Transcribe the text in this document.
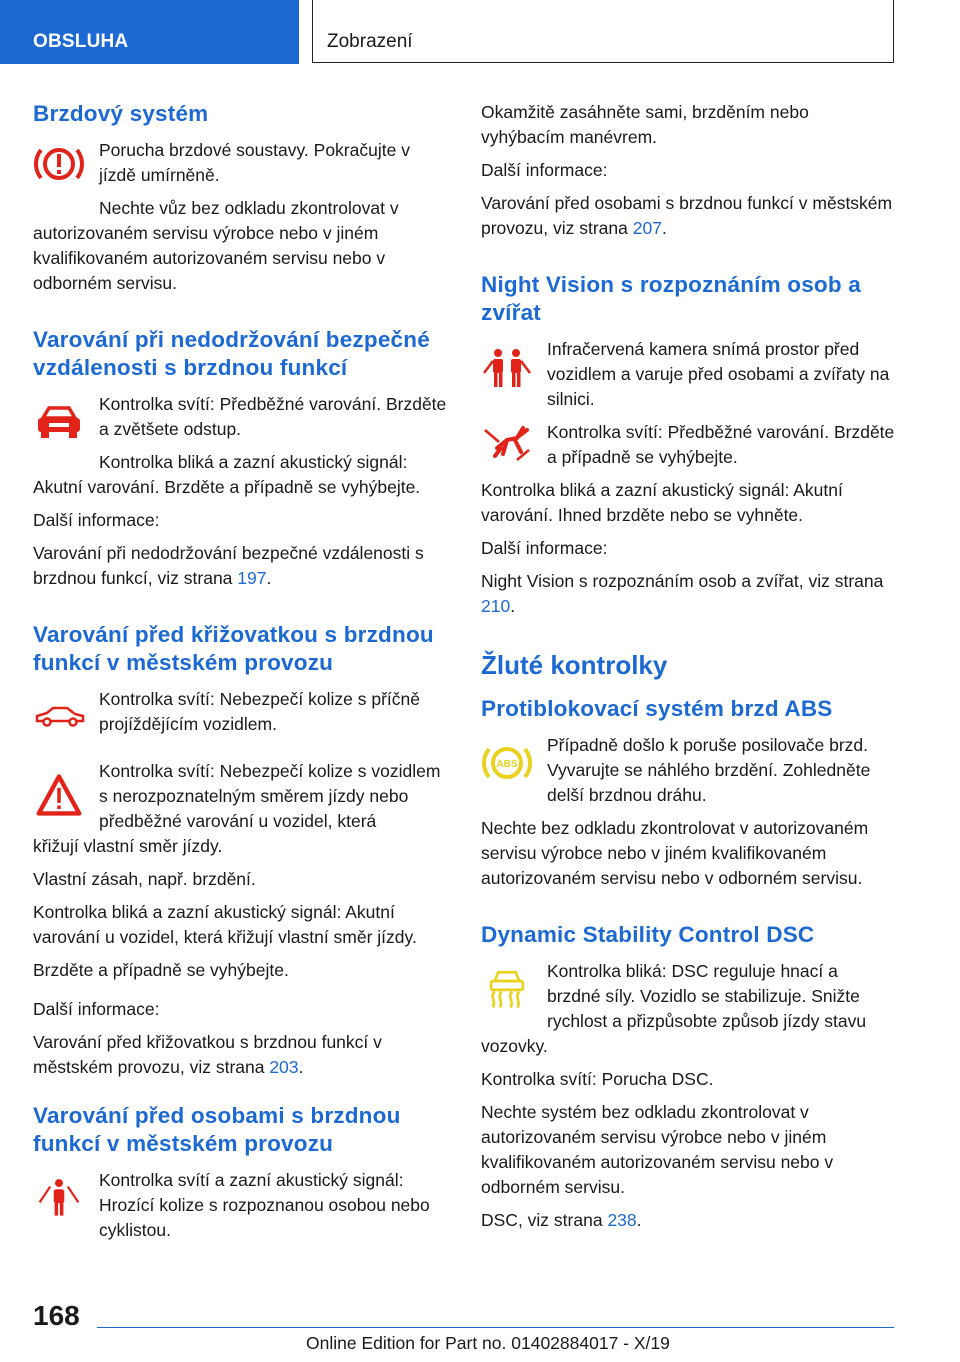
OBSLUHA	Zobrazení
Brzdový systém

Porucha brzdové soustavy. Pokračujte v jízdě umírněně.

Nechte vůz bez odkladu zkontrolovat v

autorizovaném servisu výrobce nebo v jiném kvalifikovaném autorizovaném servisu nebo v odborném servisu.

Varování při nedodržování bezpečné vzdálenosti s brzdnou funkcí

Kontrolka svítí: Předběžné varování. Brzděte a zvětšete odstup.

Kontrolka bliká a zazní akustický signál:

Akutní varování. Brzděte a případně se vyhýbejte.

Další informace:

Varování při nedodržování bezpečné vzdálenosti s brzdnou funkcí, viz strana 197.

Varování před křižovatkou s brzdnou funkcí v městském provozu

Kontrolka svítí: Nebezpečí kolize s příčně projíždějícím vozidlem.

Kontrolka svítí: Nebezpečí kolize s vozidlem s nerozpoznatelným směrem jízdy nebo předběžné varování u vozidel, která

křižují vlastní směr jízdy.

Vlastní zásah, např. brzdění.

Kontrolka bliká a zazní akustický signál: Akutní varování u vozidel, která křižují vlastní směr jízdy.

Brzděte a případně se vyhýbejte.

Další informace:

Varování před křižovatkou s brzdnou funkcí v městském provozu, viz strana 203.

Varování před osobami s brzdnou funkcí v městském provozu

Kontrolka svítí a zazní akustický signál: Hrozící kolize s rozpoznanou osobou nebo cyklistou.

Okamžitě zasáhněte sami, brzděním nebo vyhýbacím manévrem.

Další informace:

Varování před osobami s brzdnou funkcí v městském provozu, viz strana 207.

Night Vision s rozpoznáním osob a zvířat

Infračervená kamera snímá prostor před vozidlem a varuje před osobami a zvířaty na silnici.

Kontrolka svítí: Předběžné varování. Brzděte a případně se vyhýbejte.

Kontrolka bliká a zazní akustický signál: Akutní varování. Ihned brzděte nebo se vyhněte.

Další informace:

Night Vision s rozpoznáním osob a zvířat, viz strana 210.

Žluté kontrolky
Protiblokovací systém brzd ABS
ABS

Případně došlo k poruše posilovače brzd. Vyvarujte se náhlého brzdění. Zohledněte delší brzdnou dráhu.

Nechte bez odkladu zkontrolovat v autorizovaném servisu výrobce nebo v jiném kvalifikovaném autorizovaném servisu nebo v odborném servisu.

Dynamic Stability Control DSC

Kontrolka bliká: DSC reguluje hnací a brzdné síly. Vozidlo se stabilizuje. Snižte rychlost a přizpůsobte způsob jízdy stavu

vozovky.

Kontrolka svítí: Porucha DSC.

Nechte systém bez odkladu zkontrolovat v autorizovaném servisu výrobce nebo v jiném kvalifikovaném autorizovaném servisu nebo v odborném servisu.

DSC, viz strana 238.

168
Online Edition for Part no. 01402884017 - X/19
